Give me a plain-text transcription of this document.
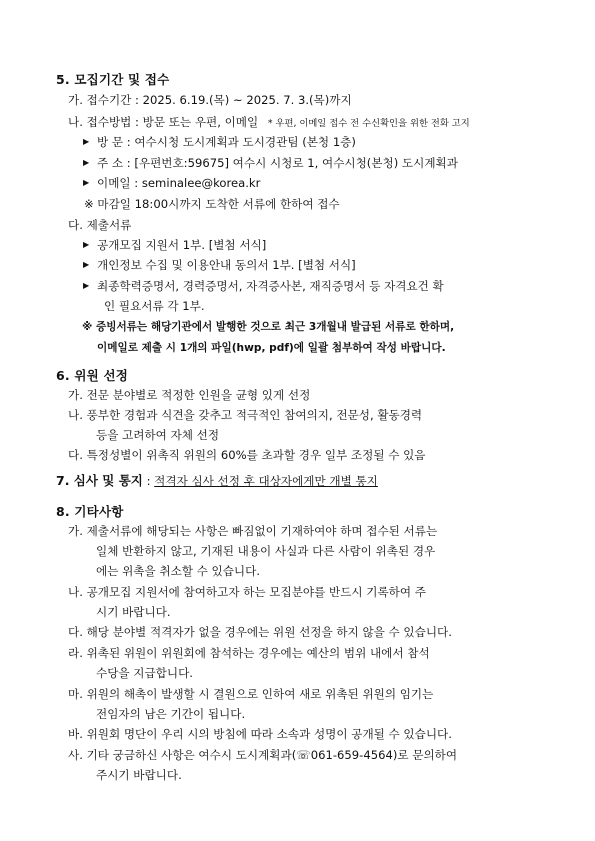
5. 모집기간 및 접수
가. 접수기간 : 2025. 6.19.(목) ~ 2025. 7. 3.(목)까지
나. 접수방법 : 방문 또는 우편, 이메일 * 우편, 이메일 접수 전 수신확인을 위한 전화 고지
▶ 방 문 : 여수시청 도시계획과 도시경관팀 (본청 1층)
▶ 주 소 : [우편번호:59675] 여수시 시청로 1, 여수시청(본청) 도시계획과
▶ 이메일 : seminalee@korea.kr
※ 마감일 18:00시까지 도착한 서류에 한하여 접수
다. 제출서류
▶ 공개모집 지원서 1부. [별첨 서식]
▶ 개인정보 수집 및 이용안내 동의서 1부. [별첨 서식]
▶ 최종학력증명서, 경력증명서, 자격증사본, 재직증명서 등 자격요건 확
인 필요서류 각 1부.
※ 증빙서류는 해당기관에서 발행한 것으로 최근 3개월내 발급된 서류로 한하며,
이메일로 제출 시 1개의 파일(hwp, pdf)에 일괄 첨부하여 작성 바랍니다.
6. 위원 선정
가. 전문 분야별로 적정한 인원을 균형 있게 선정
나. 풍부한 경험과 식견을 갖추고 적극적인 참여의지, 전문성, 활동경력
등을 고려하여 자체 선정
다. 특정성별이 위촉직 위원의 60%를 초과할 경우 일부 조정될 수 있음
7. 심사 및 통지 : 적격자 심사 선정 후 대상자에게만 개별 통지
8. 기타사항
가. 제출서류에 해당되는 사항은 빠짐없이 기재하여야 하며 접수된 서류는
일체 반환하지 않고, 기재된 내용이 사실과 다른 사람이 위촉된 경우
에는 위촉을 취소할 수 있습니다.
나. 공개모집 지원서에 참여하고자 하는 모집분야를 반드시 기록하여 주
시기 바랍니다.
다. 해당 분야별 적격자가 없을 경우에는 위원 선정을 하지 않을 수 있습니다.
라. 위촉된 위원이 위원회에 참석하는 경우에는 예산의 범위 내에서 참석
수당을 지급합니다.
마. 위원의 해촉이 발생할 시 결원으로 인하여 새로 위촉된 위원의 임기는
전임자의 남은 기간이 됩니다.
바. 위원회 명단이 우리 시의 방침에 따라 소속과 성명이 공개될 수 있습니다.
사. 기타 궁금하신 사항은 여수시 도시계획과(☏061-659-4564)로 문의하여
주시기 바랍니다.
